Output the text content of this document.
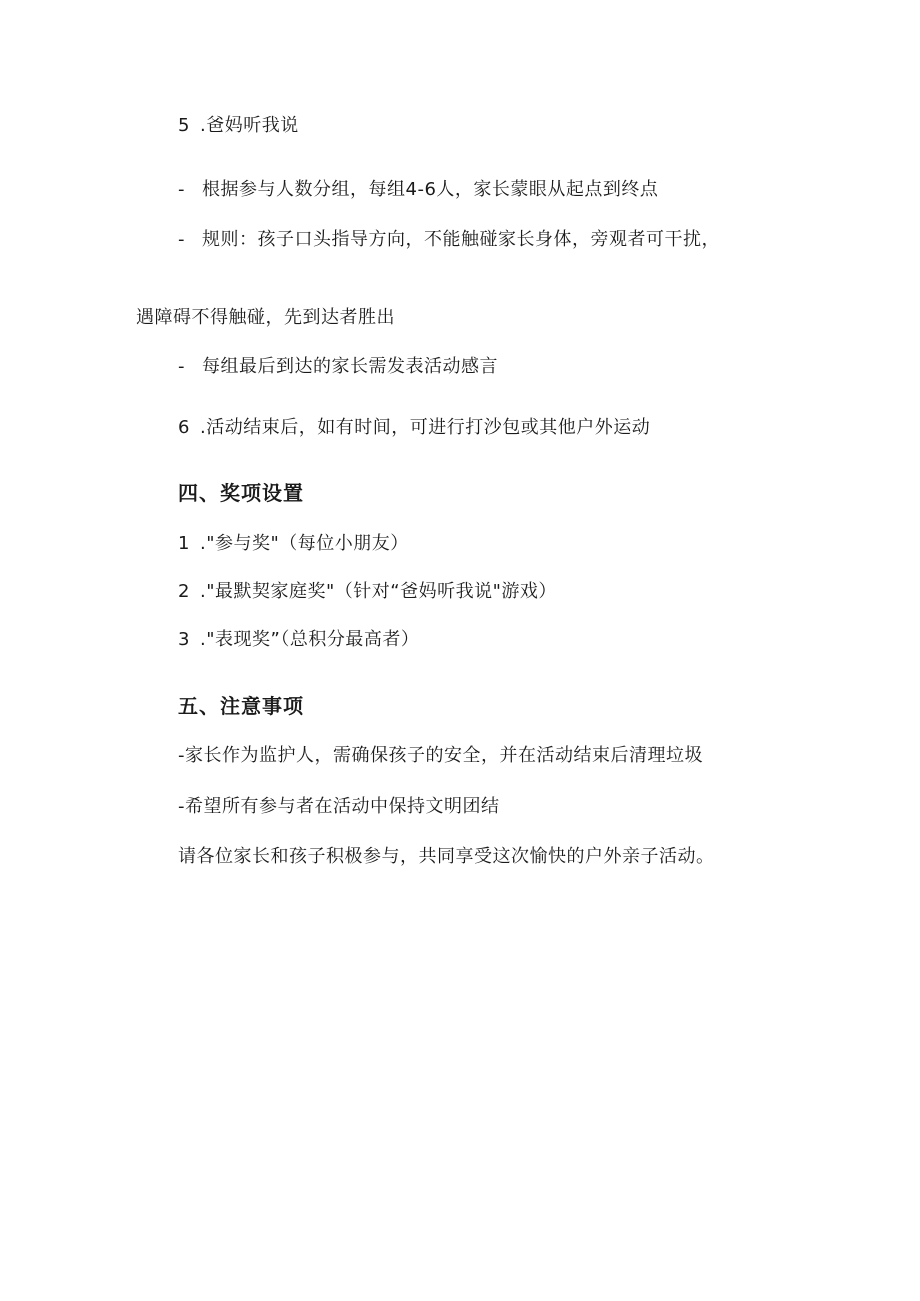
5 .爸妈听我说
- 根据参与人数分组，每组4-6人，家长蒙眼从起点到终点
- 规则：孩子口头指导方向，不能触碰家长身体，旁观者可干扰，
遇障碍不得触碰，先到达者胜出
- 每组最后到达的家长需发表活动感言
6 .活动结束后，如有时间，可进行打沙包或其他户外运动
四、奖项设置
1 ."参与奖"（每位小朋友）
2 ."最默契家庭奖"（针对“爸妈听我说"游戏）
3 ."表现奖”（总积分最高者）
五、注意事项
-家长作为监护人，需确保孩子的安全，并在活动结束后清理垃圾
-希望所有参与者在活动中保持文明团结
请各位家长和孩子积极参与，共同享受这次愉快的户外亲子活动。
